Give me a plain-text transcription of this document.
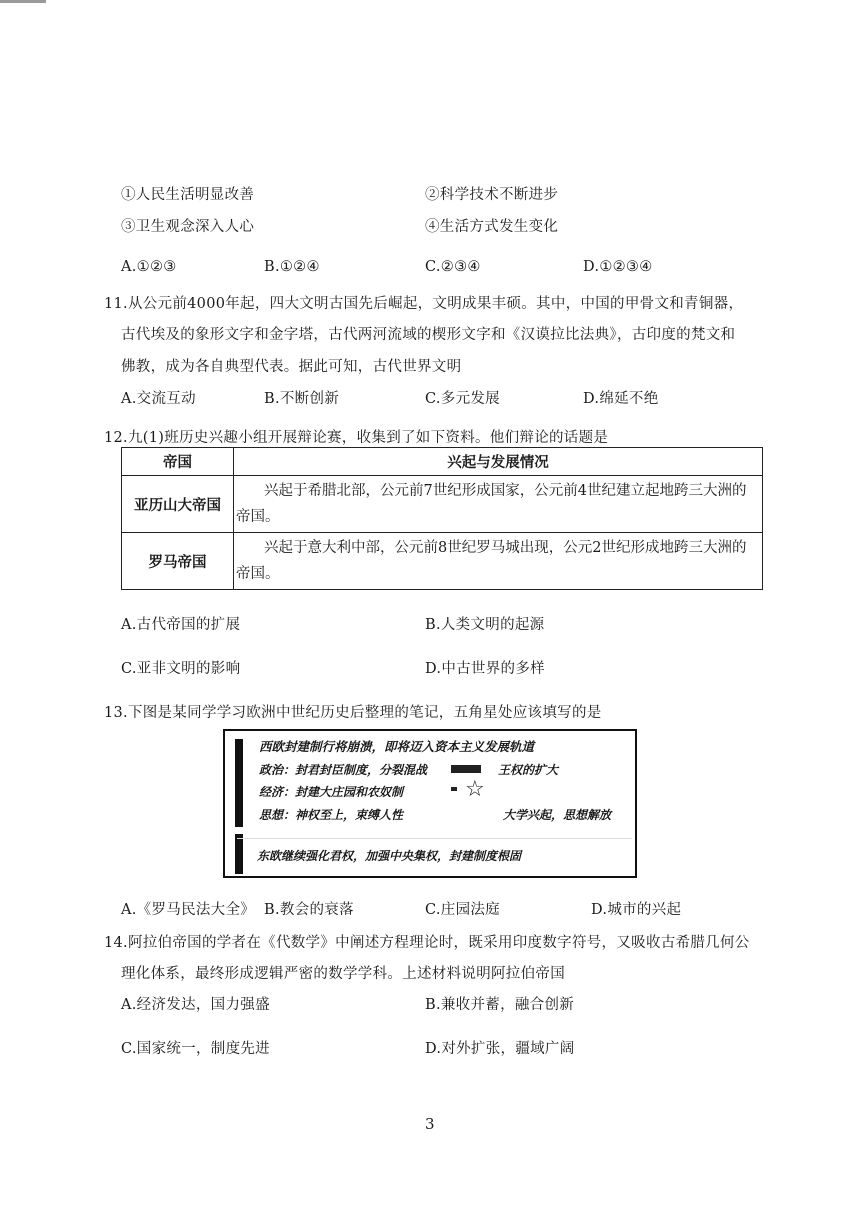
①人民生活明显改善	②科学技术不断进步
③卫生观念深入人心	④生活方式发生变化
A.①②③	B.①②④	C.②③④	D.①②③④
11.从公元前4000年起，四大文明古国先后崛起，文明成果丰硕。其中，中国的甲骨文和青铜器，
古代埃及的象形文字和金字塔，古代两河流域的楔形文字和《汉谟拉比法典》，古印度的梵文和
佛教，成为各自典型代表。据此可知，古代世界文明
A.交流互动	B.不断创新	C.多元发展	D.绵延不绝
12.九(1)班历史兴趣小组开展辩论赛，收集到了如下资料。他们辩论的话题是
帝国	兴起与发展情况
亚历山大帝国	兴起于希腊北部，公元前7世纪形成国家，公元前4世纪建立起地跨三大洲的帝国。
罗马帝国	兴起于意大利中部，公元前8世纪罗马城出现，公元2世纪形成地跨三大洲的帝国。
A.古代帝国的扩展	B.人类文明的起源
C.亚非文明的影响	D.中古世界的多样
13.下图是某同学学习欧洲中世纪历史后整理的笔记，五角星处应该填写的是
西欧封建制行将崩溃，即将迈入资本主义发展轨道
政治：封君封臣制度，分裂混战	王权的扩大
经济：封建大庄园和农奴制	☆
思想：神权至上，束缚人性	大学兴起，思想解放
东欧继续强化君权，加强中央集权，封建制度根固
A.《罗马民法大全》 B.教会的衰落	C.庄园法庭	D.城市的兴起
14.阿拉伯帝国的学者在《代数学》中阐述方程理论时，既采用印度数字符号，又吸收古希腊几何公
理化体系，最终形成逻辑严密的数学学科。上述材料说明阿拉伯帝国
A.经济发达，国力强盛	B.兼收并蓄，融合创新
C.国家统一，制度先进	D.对外扩张，疆域广阔
3
